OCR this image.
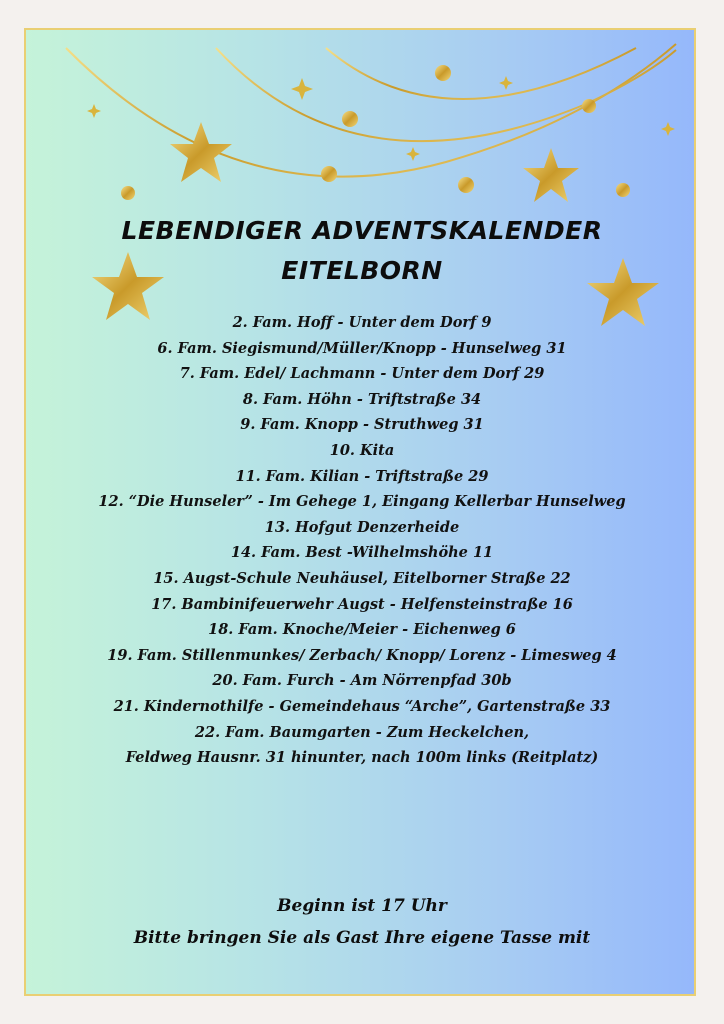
LEBENDIGER ADVENTSKALENDER
EITELBORN
2. Fam. Hoff - Unter dem Dorf 9
6. Fam. Siegismund/Müller/Knopp - Hunselweg 31
7. Fam. Edel/ Lachmann - Unter dem Dorf 29
8. Fam. Höhn - Triftstraße 34
9. Fam. Knopp - Struthweg 31
10. Kita
11. Fam. Kilian - Triftstraße 29
12. “Die Hunseler” - Im Gehege 1, Eingang Kellerbar Hunselweg
13. Hofgut Denzerheide
14. Fam. Best -Wilhelmshöhe 11
15. Augst-Schule Neuhäusel, Eitelborner Straße 22
17. Bambinifeuerwehr Augst - Helfensteinstraße 16
18. Fam. Knoche/Meier - Eichenweg 6
19. Fam. Stillenmunkes/ Zerbach/ Knopp/ Lorenz - Limesweg 4
20. Fam. Furch - Am Nörrenpfad 30b
21. Kindernothilfe - Gemeindehaus “Arche”, Gartenstraße 33
22. Fam. Baumgarten - Zum Heckelchen,
Feldweg Hausnr. 31 hinunter, nach 100m links (Reitplatz)
Beginn ist 17 Uhr
Bitte bringen Sie als Gast Ihre eigene Tasse mit
